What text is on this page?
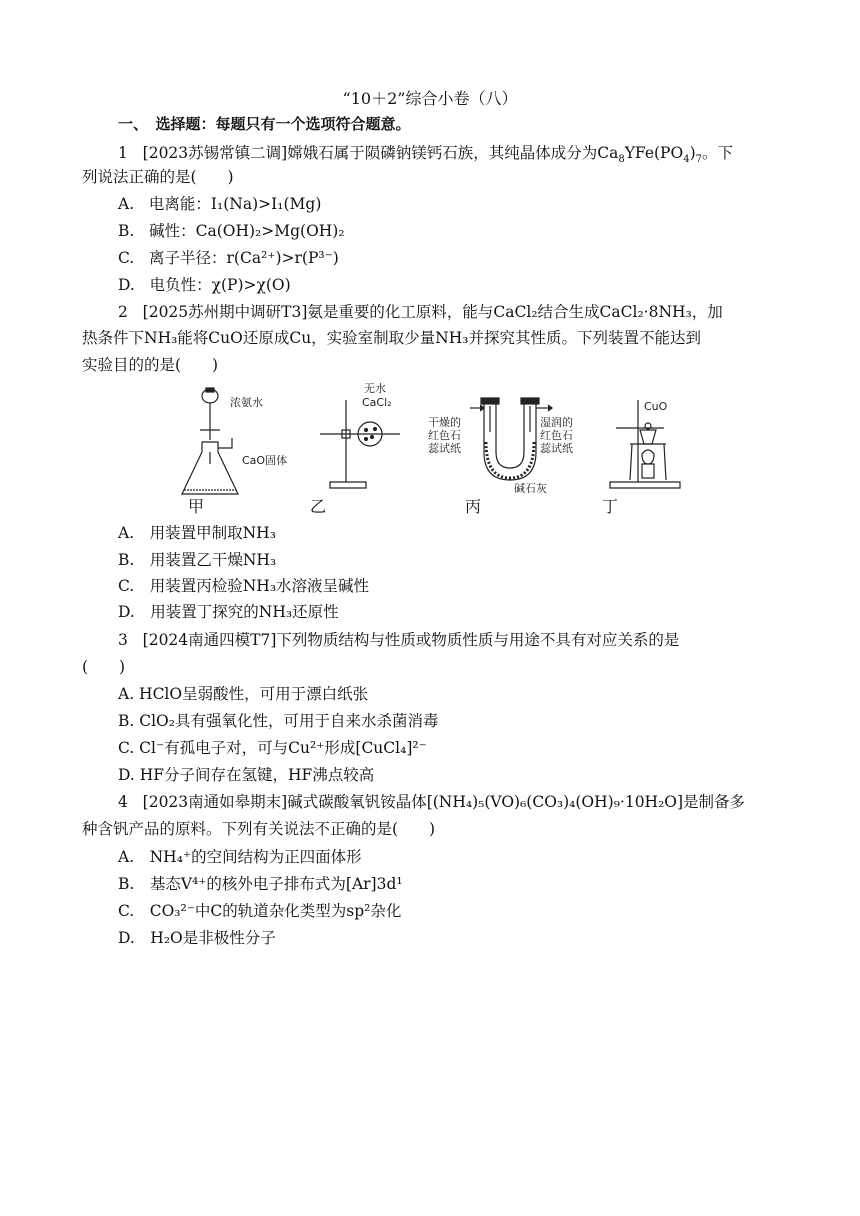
“10＋2”综合小卷（八）
一、　选择题：每题只有一个选项符合题意。
1 [2023苏锡常镇二调]嫦娥石属于陨磷钠镁钙石族，其纯晶体成分为$Ca_8YFe(PO_4)_7$。下
列说法正确的是(　　)
A. 电离能：I₁(Na)>I₁(Mg)
B. 碱性：Ca(OH)₂>Mg(OH)₂
C. 离子半径：r(Ca²⁺)>r(P³⁻)
D. 电负性：χ(P)>χ(O)
2 [2025苏州期中调研T3]氨是重要的化工原料，能与CaCl₂结合生成CaCl₂·8NH₃，加
热条件下NH₃能将CuO还原成Cu，实验室制取少量NH₃并探究其性质。下列装置不能达到
实验目的的是(　　)
浓氨水
CaO固体
无水
CaCl₂
干燥的
红色石
蕊试纸
湿润的
红色石
蕊试纸
碱石灰
CuO
甲	乙	丙	丁
A.　用装置甲制取NH₃
B.　用装置乙干燥NH₃
C.　用装置丙检验NH₃水溶液呈碱性
D.　用装置丁探究的NH₃还原性
3 [2024南通四模T7]下列物质结构与性质或物质性质与用途不具有对应关系的是
(　　)
A. HClO呈弱酸性，可用于漂白纸张
B. ClO₂具有强氧化性，可用于自来水杀菌消毒
C. Cl⁻有孤电子对，可与Cu²⁺形成[CuCl₄]²⁻
D. HF分子间存在氢键，HF沸点较高
4 [2023南通如皋期末]碱式碳酸氧钒铵晶体[(NH₄)₅(VO)₆(CO₃)₄(OH)₉·10H₂O]是制备多
种含钒产品的原料。下列有关说法不正确的是(　　)
A.　NH₄⁺的空间结构为正四面体形
B.　基态V⁴⁺的核外电子排布式为[Ar]3d¹
C.　CO₃²⁻中C的轨道杂化类型为sp²杂化
D.　H₂O是非极性分子
